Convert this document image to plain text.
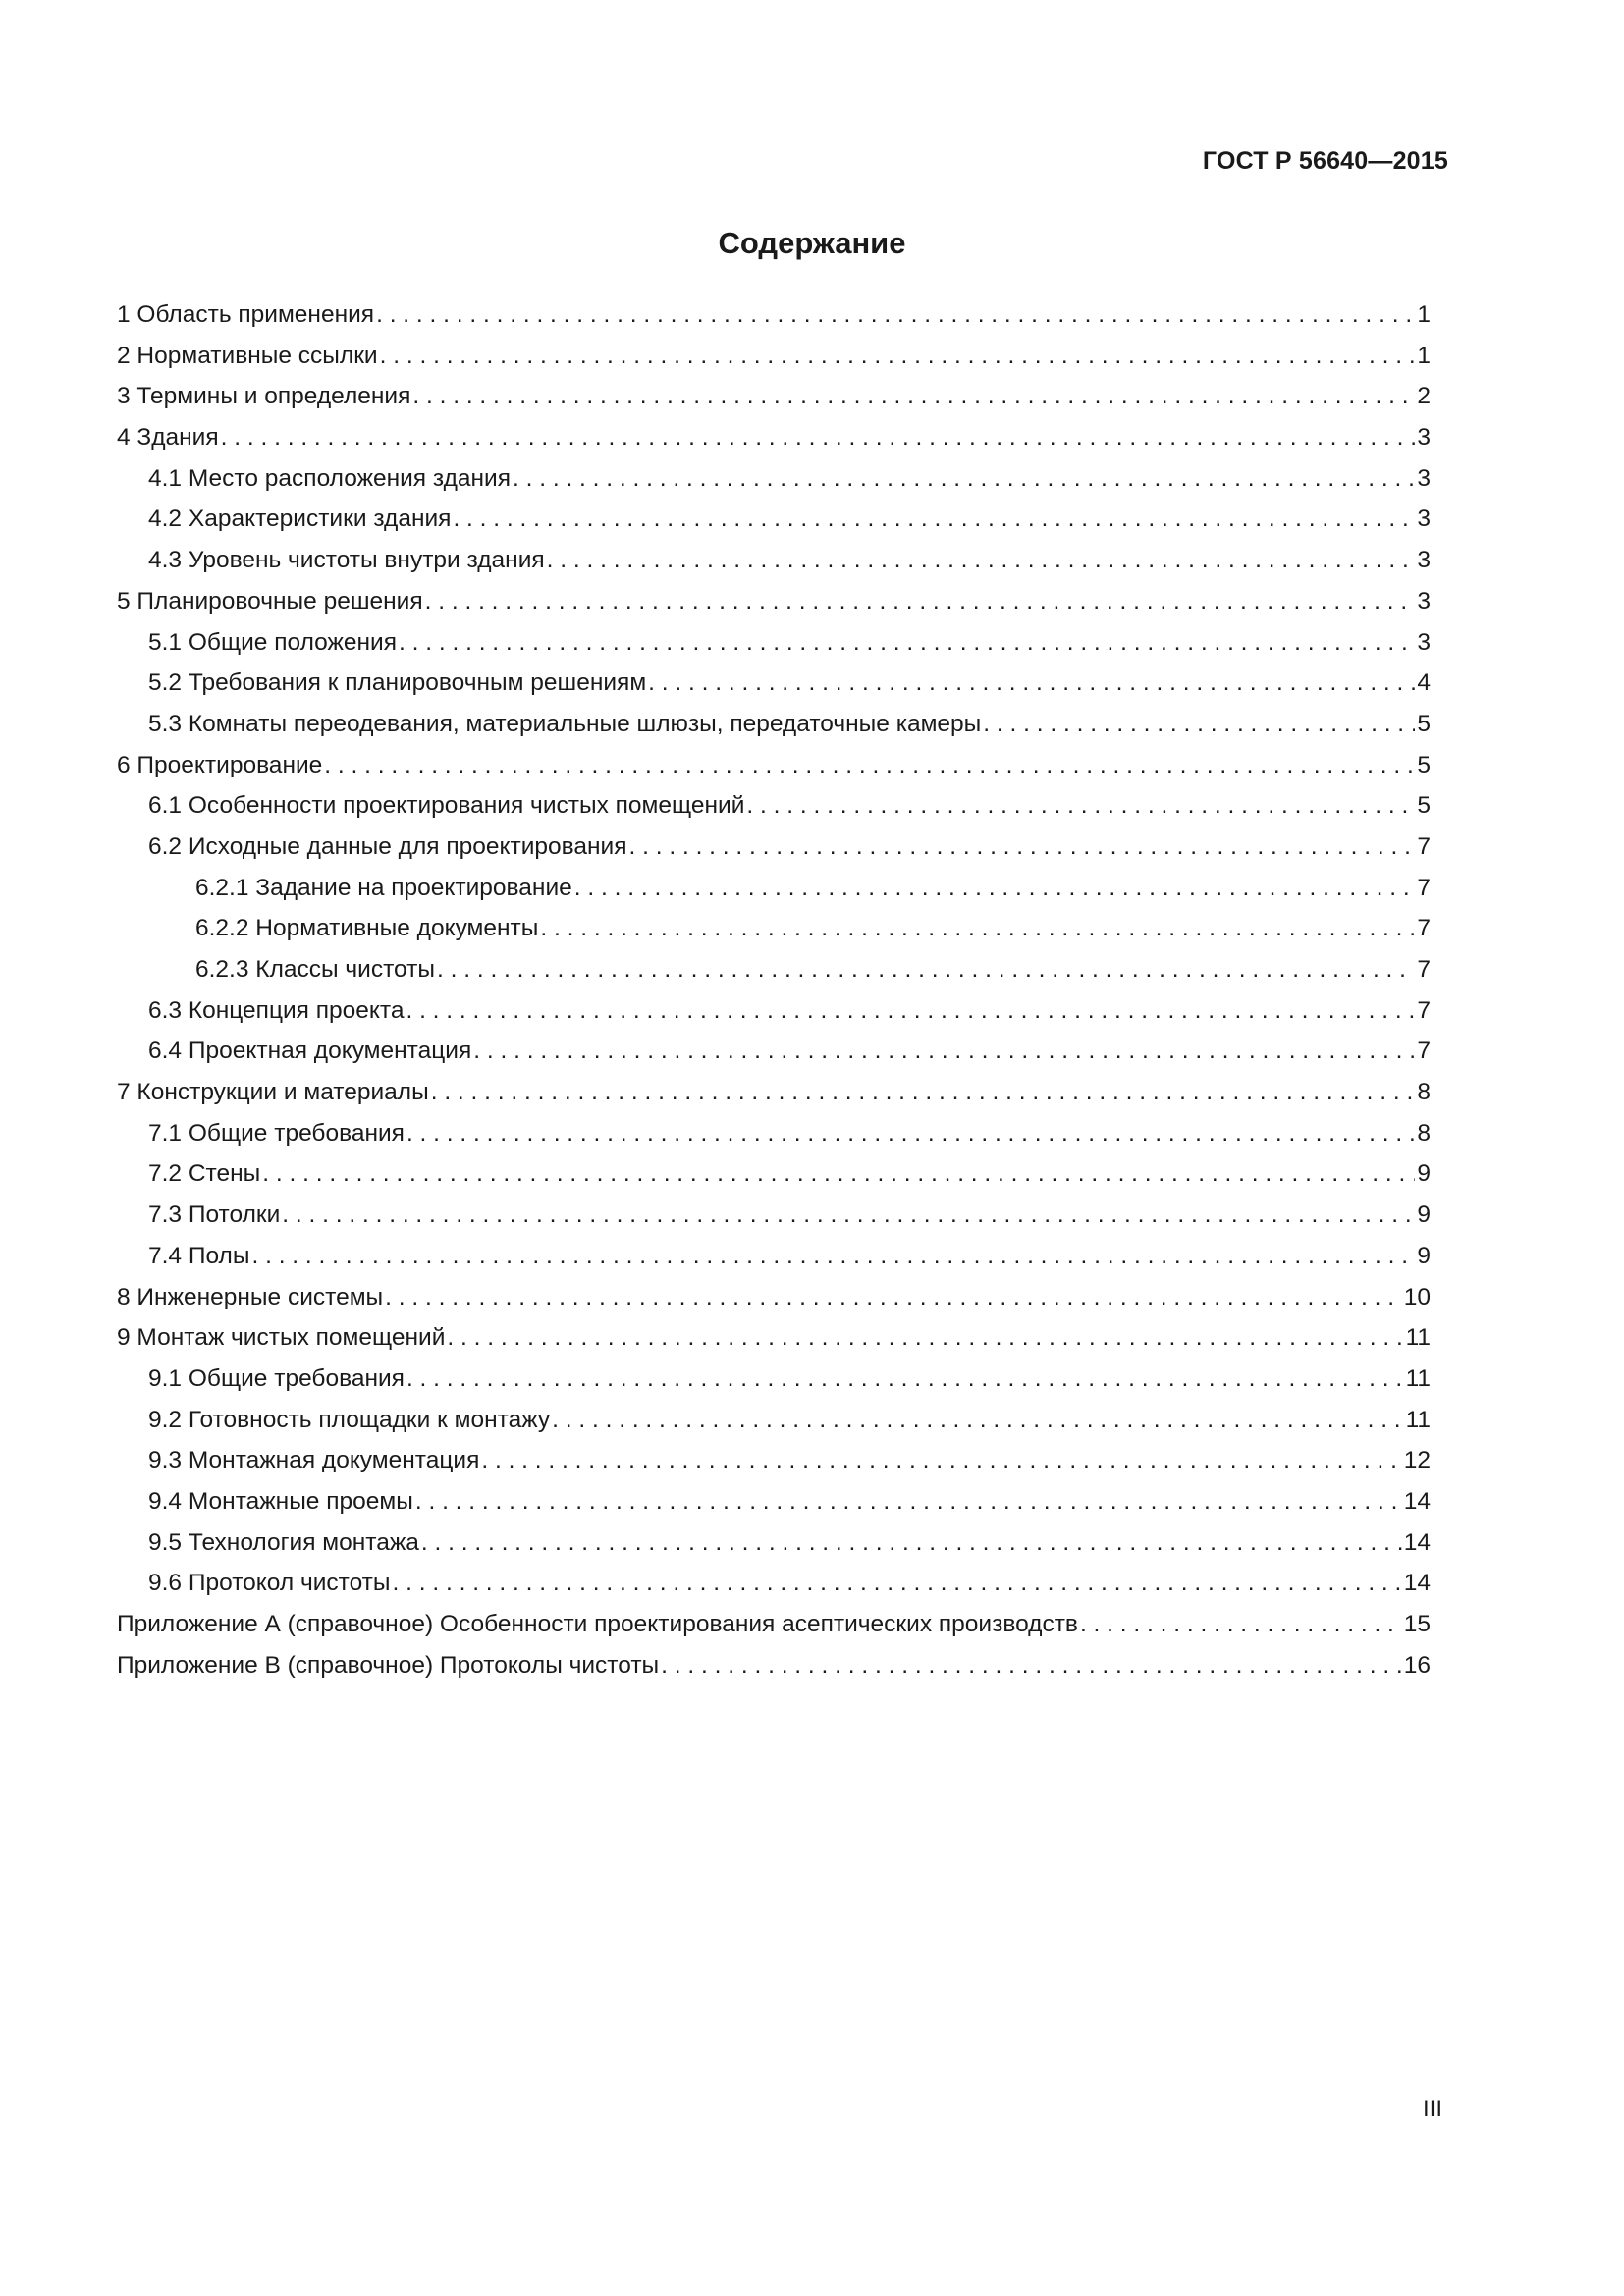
ГОСТ Р 56640—2015
Содержание
1 Область применения . . .	1
2 Нормативные ссылки . . .	1
3 Термины и определения . . .	2
4 Здания . . .	3
4.1 Место расположения здания . . .	3
4.2 Характеристики здания . . .	3
4.3 Уровень чистоты внутри здания . . .	3
5 Планировочные решения . . .	3
5.1 Общие положения . . .	3
5.2 Требования к планировочным решениям . . .	4
5.3 Комнаты переодевания, материальные шлюзы, передаточные камеры . . .	5
6 Проектирование . . .	5
6.1 Особенности проектирования чистых помещений . . .	5
6.2 Исходные данные для проектирования . . .	7
6.2.1 Задание на проектирование . . .	7
6.2.2 Нормативные документы . . .	7
6.2.3 Классы чистоты . . .	7
6.3 Концепция проекта . . .	7
6.4 Проектная документация . . .	7
7 Конструкции и материалы . . .	8
7.1 Общие требования . . .	8
7.2 Стены . . .	9
7.3 Потолки . . .	9
7.4 Полы . . .	9
8 Инженерные системы . . .	10
9 Монтаж чистых помещений . . .	11
9.1 Общие требования . . .	11
9.2 Готовность площадки к монтажу . . .	11
9.3 Монтажная документация . . .	12
9.4 Монтажные проемы . . .	14
9.5 Технология монтажа . . .	14
9.6 Протокол чистоты . . .	14
Приложение А (справочное) Особенности проектирования асептических производств . . .	15
Приложение В (справочное) Протоколы чистоты . . .	16
III
